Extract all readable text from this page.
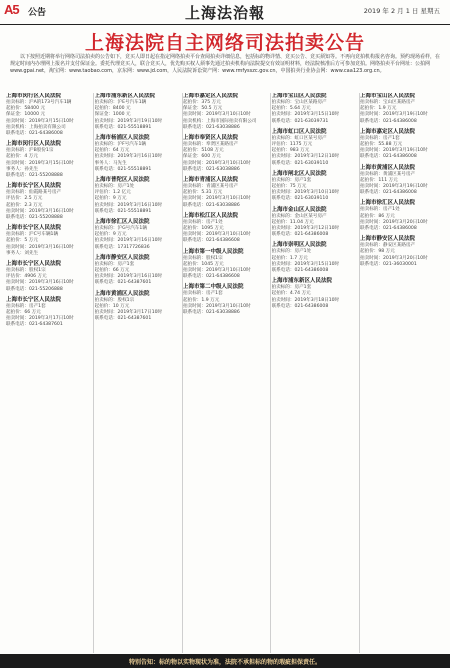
A5 公告	上海法治報	2019 年 2 月 1 日 星期五
上海法院自主网络司法拍卖公告
以下按照近期将举行网络司法拍卖的公告如下，竞买人即日起在指定网络拍卖平台查阅拍卖详细信息，包括标的物详情、竞买公告、竞买须知等。不再向竞拍机构报名咨询。预约现场看样，在规定时间内办理网上报名并支付保证金。委托代理竞买人，联合竞买人，优先购买权人须事先通过拍卖机构向法院提交有效证明材料，经法院核准后方可参加竞拍。网络拍卖平台网址：公拍网 www.gpai.net，淘宝网：www.taobao.com，京东网：www.jd.com，人民法院诉讼资产网：www.rmfysszc.gov.cn，中国拍卖行业协会网：www.caa123.org.cn。
上海市闵行区人民法院
拍卖标的：沪A的173号汽车1辆
起拍价：58400 元
保证金：10000 元
拍卖时间：2019年3月15日10时
拍卖机构：上海拍卖有限公司
联系电话：021-64386008
上海市闵行区人民法院
拍卖标的：沪B股份1宗
起拍价：4 万元
拍卖时间：2019年3月15日10时
事务人：孙先生
联系电话：021-55208888
上海市长宁区人民法院
拍卖标的：仙霞路某号房产
评估价：2.5 万元
起拍价：2.3 万元
拍卖时间：2019年3月16日10时
联系电话：021-55208888
上海市长宁区人民法院
拍卖标的：沪C号车辆1辆
起拍价：5 万元
拍卖时间：2019年3月16日10时
事务人：刘先生
上海市长宁区人民法院
拍卖标的：股权1宗
评估价：4906 万元
拍卖时间：2019年3月16日10时
联系电话：021-55206888
上海市长宁区人民法院
拍卖标的：房产1套
起拍价：66 万元
拍卖时间：2019年3月17日10时
联系电话：021-64387601
上海市浦东新区人民法院
拍卖标的：沪E号汽车1辆
起拍价：8400 元
保证金：1000 元
拍卖时间：2019年3月19日10时
联系电话：021-55518891
上海市杨浦区人民法院
拍卖标的：沪F号汽车1辆
起拍价：64 万元
拍卖时间：2019年3月16日10时
事务人：马先生
联系电话：021-55518891
上海市普陀区人民法院
拍卖标的：房产1处
评估价：1.2 亿元
起拍价：9 万元
拍卖时间：2019年3月16日10时
联系电话：021-55518891
上海市徐汇区人民法院
拍卖标的：沪G号汽车1辆
起拍价：9 万元
拍卖时间：2019年3月16日10时
联系电话：17317726836
上海市静安区人民法院
拍卖标的：房产1套
起拍价：66 万元
拍卖时间：2019年3月16日10时
联系电话：021-64387601
上海市黄浦区人民法院
拍卖标的：股权1宗
起拍价：10 万元
拍卖时间：2019年3月17日10时
联系电话：021-64387601
上海市嘉定区人民法院
起拍价：375 万元
保证金：50.5 万元
拍卖时间：2019年3月10日10时
拍卖机构：上海市国际拍卖有限公司
联系电话：021-63038886
上海市奉贤区人民法院
拍卖标的：奉贤区某路房产
起拍价：5108 万元
保证金：600 万元
拍卖时间：2019年3月10日10时
联系电话：021-63038886
上海市青浦区人民法院
拍卖标的：青浦区某号房产
起拍价：5.31 万元
拍卖时间：2019年3月10日10时
联系电话：021-63038886
上海市松江区人民法院
拍卖标的：房产1处
起拍价：1095 万元
拍卖时间：2019年3月10日10时
联系电话：021-64386608
上海市第一中级人民法院
拍卖标的：股权1宗
起拍价：1045 万元
拍卖时间：2019年3月10日10时
联系电话：021-64386608
上海市第二中级人民法院
拍卖标的：房产1套
起拍价：1.9 万元
拍卖时间：2019年3月10日10时
联系电话：021-63038886
上海市宝山区人民法院
拍卖标的：宝山区某路房产
起拍价：5.64 万元
拍卖时间：2019年3月15日10时
联系电话：021-63039731
上海市虹口区人民法院
拍卖标的：虹口区某号房产
评估价：1175 万元
起拍价：983 万元
拍卖时间：2019年3月12日10时
联系电话：021-63039110
上海市闸北区人民法院
拍卖标的：房产1套
起拍价：75 万元
拍卖时间：2019年3月10日10时
联系电话：021-63039110
上海市金山区人民法院
拍卖标的：金山区某号房产
起拍价：11.04 万元
拍卖时间：2019年3月12日10时
联系电话：021-64386008
上海市崇明区人民法院
拍卖标的：房产1处
起拍价：1.7 万元
拍卖时间：2019年3月15日10时
联系电话：021-64386008
上海市浦东新区人民法院
拍卖标的：房产1套
起拍价：4.74 万元
拍卖时间：2019年3月18日10时
联系电话：021-64386008
上海市宝山区人民法院
拍卖标的：宝山区某路房产
起拍价：1.9 万元
拍卖时间：2019年3月19日10时
联系电话：021-64386008
上海市嘉定区人民法院
拍卖标的：房产1套
起拍价：55.88 万元
拍卖时间：2019年3月19日10时
联系电话：021-64386008
上海市黄浦区人民法院
拍卖标的：黄浦区某号房产
起拍价：111 万元
拍卖时间：2019年3月19日10时
联系电话：021-64386008
上海市徐汇区人民法院
拍卖标的：房产1处
起拍价：86 万元
拍卖时间：2019年3月20日10时
联系电话：021-64386008
上海市静安区人民法院
拍卖标的：静安区某路房产
起拍价：98 万元
拍卖时间：2019年3月20日10时
联系电话：021-36030001
特别告知：标的物以实物现状为准，法院不承担标的物的瑕疵担保责任。
